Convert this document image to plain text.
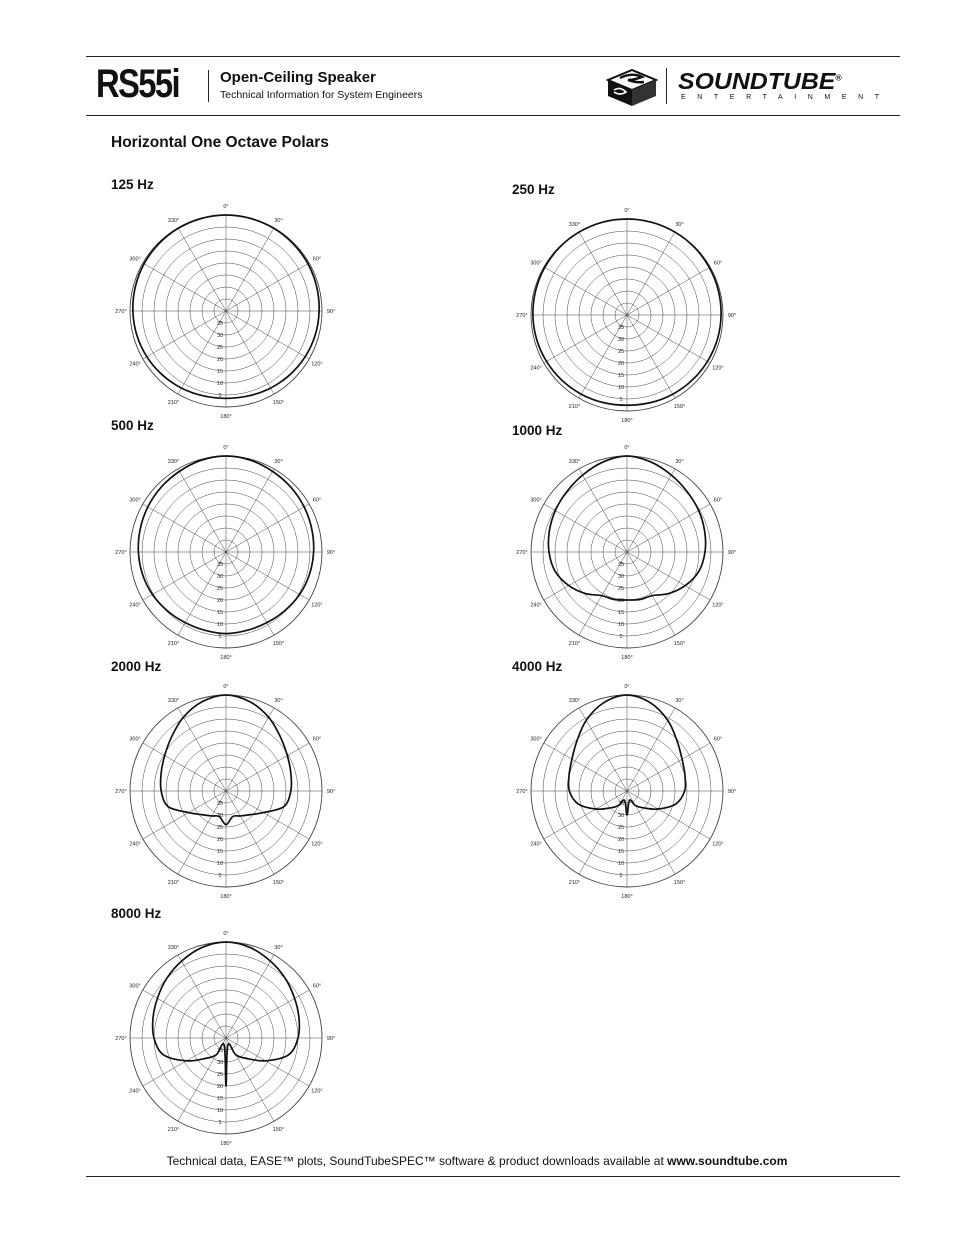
RS55i	Open-Ceiling Speaker
Technical Information for System Engineers
SOUNDTUBE®
ENTERTAINMENT
Horizontal One Octave Polars
125 Hz	250 Hz
500 Hz	1000 Hz
2000 Hz	4000 Hz
8000 Hz
0°
30°
60°
90°
120°
150°
180°
210°
240°
270°
300°
330°
5
10
15
20
25
30
35
0°
30°
60°
90°
120°
150°
180°
210°
240°
270°
300°
330°
5
10
15
20
25
30
35
0°
30°
60°
90°
120°
150°
180°
210°
240°
270°
300°
330°
5
10
15
20
25
30
35
0°
30°
60°
90°
120°
150°
180°
210°
240°
270°
300°
330°
5
10
15
20
25
30
35
0°
30°
60°
90°
120°
150°
180°
210°
240°
270°
300°
330°
5
10
15
20
25
30
35
0°
30°
60°
90°
120°
150°
180°
210°
240°
270°
300°
330°
5
10
15
20
25
30
35
0°
30°
60°
90°
120°
150°
180°
210°
240°
270°
300°
330°
5
10
15
20
25
30
35
Technical data, EASE™ plots, SoundTubeSPEC™ software & product downloads available at www.soundtube.com
